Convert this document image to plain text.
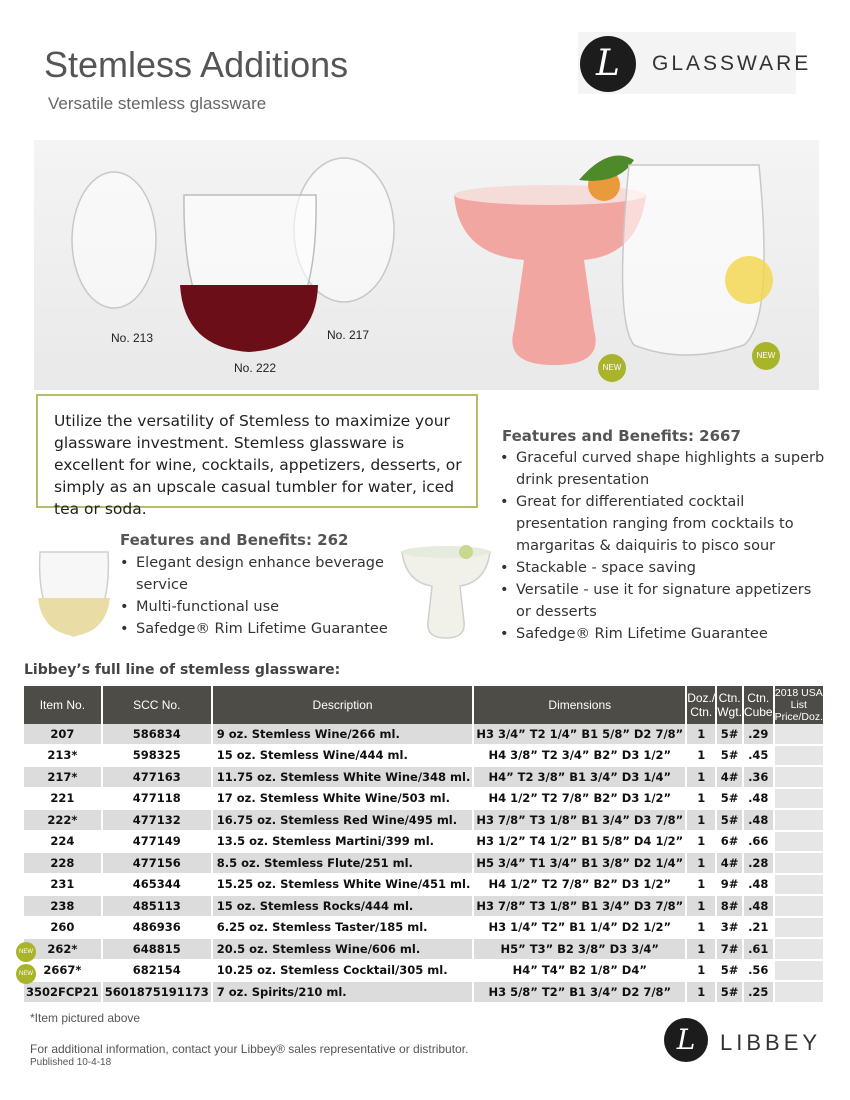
Stemless Additions
Versatile stemless glassware
L	GLASSWARE
No. 213	No. 217
No. 222	NEW
NEW
Utilize the versatility of Stemless to maximize your glassware investment. Stemless glassware is excellent for wine, cocktails, appetizers, desserts, or simply as an upscale casual tumbler for water, iced tea or soda.
Features and Benefits: 262
• Elegant design enhance beverage service
• Multi-functional use
• Safedge® Rim Lifetime Guarantee
Features and Benefits: 2667
• Graceful curved shape highlights a superb drink presentation
• Great for differentiated cocktail presentation ranging from cocktails to margaritas & daiquiris to pisco sour
• Stackable - space saving
• Versatile - use it for signature appetizers or desserts
• Safedge® Rim Lifetime Guarantee
Libbey’s full line of stemless glassware:
Item No.	SCC No.	Description	Dimensions	Doz./ Ctn.	Ctn. Wgt.	Ctn. Cube	2018 USA List Price/Doz.
207	586834	9 oz. Stemless Wine/266 ml.	H3 3/4” T2 1/4” B1 5/8” D2 7/8”	1	5#	.29	
213*	598325	15 oz. Stemless Wine/444 ml.	H4 3/8” T2 3/4” B2” D3 1/2”	1	5#	.45	
217*	477163	11.75 oz. Stemless White Wine/348 ml.	H4” T2 3/8” B1 3/4” D3 1/4”	1	4#	.36	
221	477118	17 oz. Stemless White Wine/503 ml.	H4 1/2” T2 7/8” B2” D3 1/2”	1	5#	.48	
222*	477132	16.75 oz. Stemless Red Wine/495 ml.	H3 7/8” T3 1/8” B1 3/4” D3 7/8”	1	5#	.48	
224	477149	13.5 oz. Stemless Martini/399 ml.	H3 1/2” T4 1/2” B1 5/8” D4 1/2”	1	6#	.66	
228	477156	8.5 oz. Stemless Flute/251 ml.	H5 3/4” T1 3/4” B1 3/8” D2 1/4”	1	4#	.28	
231	465344	15.25 oz. Stemless White Wine/451 ml.	H4 1/2” T2 7/8” B2” D3 1/2”	1	9#	.48	
238	485113	15 oz. Stemless Rocks/444 ml.	H3 7/8” T3 1/8” B1 3/4” D3 7/8”	1	8#	.48	
260	486936	6.25 oz. Stemless Taster/185 ml.	H3 1/4” T2” B1 1/4” D2 1/2”	1	3#	.21	
262*	648815	20.5 oz. Stemless Wine/606 ml.	H5” T3” B2 3/8” D3 3/4”	1	7#	.61	
2667*	682154	10.25 oz. Stemless Cocktail/305 ml.	H4” T4” B2 1/8” D4”	1	5#	.56	
3502FCP21	5601875191173	7 oz. Spirits/210 ml.	H3 5/8” T2” B1 3/4” D2 7/8”	1	5#	.25	
NEW
NEW
*Item pictured above
For additional information, contact your Libbey® sales representative or distributor.
Published 10-4-18
L	LIBBEY
